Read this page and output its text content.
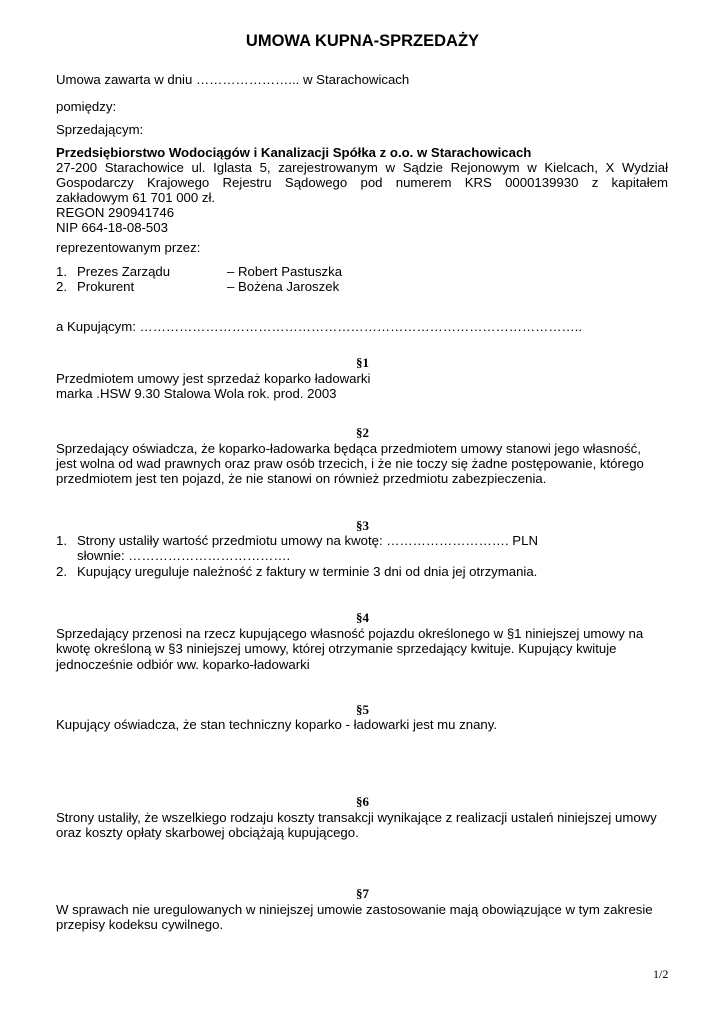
UMOWA KUPNA-SPRZEDAŻY
Umowa zawarta w dniu …………………... w Starachowicach
pomiędzy:
Sprzedającym:
Przedsiębiorstwo Wodociągów i Kanalizacji Spółka z o.o. w Starachowicach
27-200 Starachowice ul. Iglasta 5, zarejestrowanym w Sądzie Rejonowym w Kielcach, X Wydział
Gospodarczy Krajowego Rejestru Sądowego pod numerem KRS 0000139930 z kapitałem
zakładowym 61 701 000 zł.
REGON 290941746
NIP 664-18-08-503
reprezentowanym przez:
1. Prezes Zarządu	– Robert Pastuszka
2. Prokurent	– Bożena Jaroszek
a Kupującym: ………………………………………………………………………………………..
§1
Przedmiotem umowy jest sprzedaż koparko ładowarki
marka .HSW 9.30 Stalowa Wola rok. prod. 2003
§2
Sprzedający oświadcza, że koparko-ładowarka będąca przedmiotem umowy stanowi jego własność,
jest wolna od wad prawnych oraz praw osób trzecich, i że nie toczy się żadne postępowanie, którego
przedmiotem jest ten pojazd, że nie stanowi on również przedmiotu zabezpieczenia.
§3
1. Strony ustaliły wartość przedmiotu umowy na kwotę: ………………………. PLN
słownie: ……………………………….
2. Kupujący ureguluje należność z faktury w terminie 3 dni od dnia jej otrzymania.
§4
Sprzedający przenosi na rzecz kupującego własność pojazdu określonego w §1 niniejszej umowy na
kwotę określoną w §3 niniejszej umowy, której otrzymanie sprzedający kwituje. Kupujący kwituje
jednocześnie odbiór ww. koparko-ładowarki
§5
Kupujący oświadcza, że stan techniczny koparko - ładowarki jest mu znany.
§6
Strony ustaliły, że wszelkiego rodzaju koszty transakcji wynikające z realizacji ustaleń niniejszej umowy
oraz koszty opłaty skarbowej obciążają kupującego.
§7
W sprawach nie uregulowanych w niniejszej umowie zastosowanie mają obowiązujące w tym zakresie
przepisy kodeksu cywilnego.
1/2
